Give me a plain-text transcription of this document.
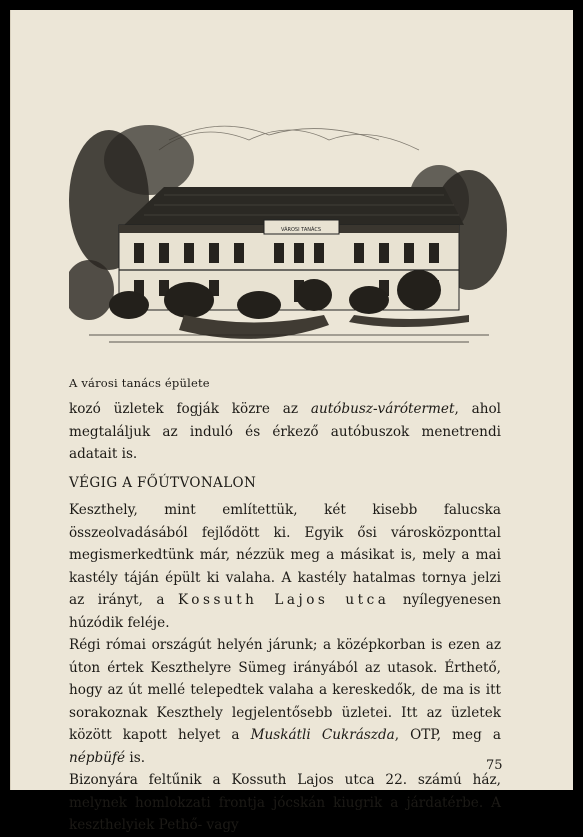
VÁROSI TANÁCS
A városi tanács épülete
kozó üzletek fogják közre az autóbusz-várótermet, ahol megtaláljuk az induló és érkező autóbuszok menetrendi adatait is.
VÉGIG A FŐÚTVONALON

Keszthely, mint említettük, két kisebb falucska összeolvadásából fejlődött ki. Egyik ősi városközponttal megismerkedtünk már, nézzük meg a másikat is, mely a mai kastély táján épült ki valaha. A kastély hatalmas tornya jelzi az irányt, a Kossuth Lajos utca nyílegyenesen húzódik feléje.

Régi római országút helyén járunk; a középkorban is ezen az úton értek Keszthelyre Sümeg irányából az utasok. Érthető, hogy az út mellé telepedtek valaha a kereskedők, de ma is itt sorakoznak Keszthely legjelentősebb üzletei. Itt az üzletek között kapott helyet a Muskátli Cukrászda, OTP, meg a népbüfé is.

Bizonyára feltűnik a Kossuth Lajos utca 22. számú ház, melynek homlokzati frontja jócskán kiugrik a járdatérbe. A keszthelyiek Pethő- vagy

75
